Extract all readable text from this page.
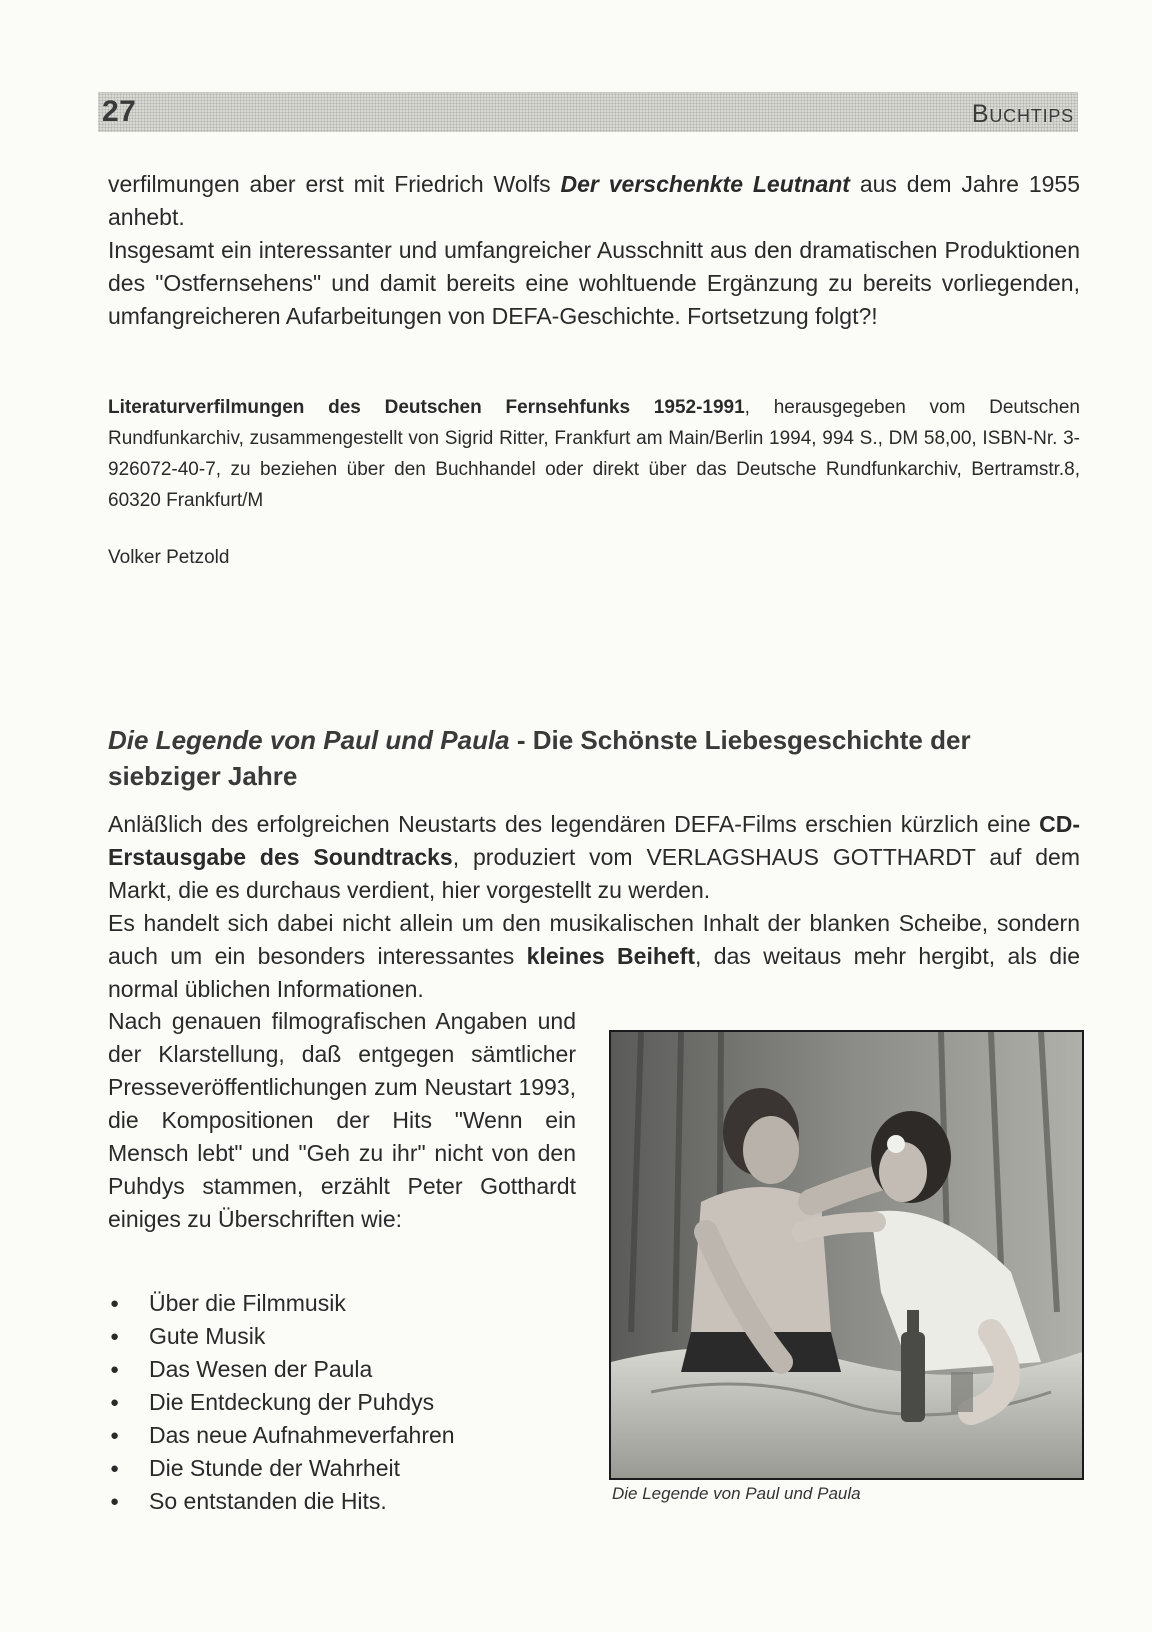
27	Buchtips

verfilmungen aber erst mit Friedrich Wolfs Der verschenkte Leutnant aus dem Jahre 1955 anhebt.

Insgesamt ein interessanter und umfangreicher Ausschnitt aus den dramatischen Produktionen des "Ostfernsehens" und damit bereits eine wohltuende Ergänzung zu bereits vorliegenden, umfangreicheren Aufarbeitungen von DEFA-Geschichte. Fortsetzung folgt?!

Literaturverfilmungen des Deutschen Fernsehfunks 1952-1991, herausgegeben vom Deutschen Rundfunkarchiv, zusammengestellt von Sigrid Ritter, Frankfurt am Main/Berlin 1994, 994 S., DM 58,00, ISBN-Nr. 3-926072-40-7, zu beziehen über den Buchhandel oder direkt über das Deutsche Rundfunkarchiv, Bertramstr.8, 60320 Frankfurt/M

Volker Petzold

Die Legende von Paul und Paula - Die Schönste Liebesgeschichte der siebziger Jahre

Anläßlich des erfolgreichen Neustarts des legendären DEFA-Films erschien kürzlich eine CD-Erstausgabe des Soundtracks, produziert vom VERLAGSHAUS GOTTHARDT auf dem Markt, die es durchaus verdient, hier vorgestellt zu werden.

Es handelt sich dabei nicht allein um den musikalischen Inhalt der blanken Scheibe, sondern auch um ein besonders interessantes kleines Beiheft, das weitaus mehr hergibt, als die normal üblichen Informationen.

Nach genauen filmografischen Angaben und der Klarstellung, daß entgegen sämtlicher Presseveröffentlichungen zum Neustart 1993, die Kompositionen der Hits "Wenn ein Mensch lebt" und "Geh zu ihr" nicht von den Puhdys stammen, erzählt Peter Gotthardt einiges zu Überschriften wie:

● Über die Filmmusik
● Gute Musik
● Das Wesen der Paula
● Die Entdeckung der Puhdys
● Das neue Aufnahmeverfahren
● Die Stunde der Wahrheit
● So entstanden die Hits.	Die Legende von Paul und Paula
